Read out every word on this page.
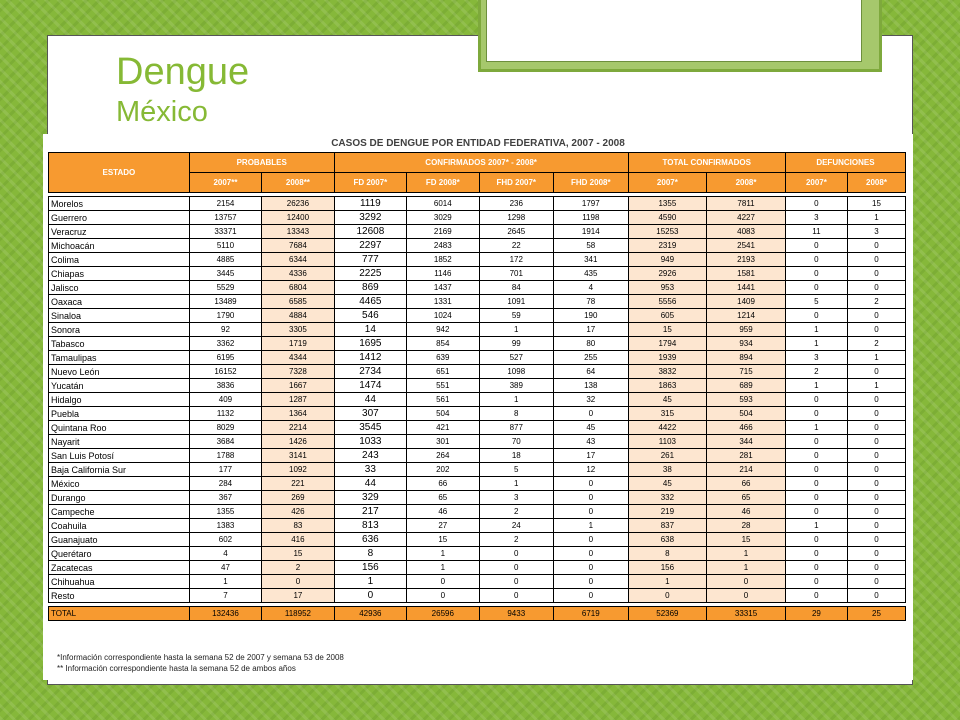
Dengue
México
CASOS DE DENGUE POR ENTIDAD FEDERATIVA, 2007 - 2008
ESTADO	PROBABLES		CONFIRMADOS 2007* - 2008*				TOTAL CONFIRMADOS		DEFUNCIONES	
	2007**	2008**	FD 2007*	FD 2008*	FHD 2007*	FHD 2008*	2007*	2008*	2007*	2008*

Morelos	2154	26236	1119	6014	236	1797	1355	7811	0	15
Guerrero	13757	12400	3292	3029	1298	1198	4590	4227	3	1
Veracruz	33371	13343	12608	2169	2645	1914	15253	4083	11	3
Michoacán	5110	7684	2297	2483	22	58	2319	2541	0	0
Colima	4885	6344	777	1852	172	341	949	2193	0	0
Chiapas	3445	4336	2225	1146	701	435	2926	1581	0	0
Jalisco	5529	6804	869	1437	84	4	953	1441	0	0
Oaxaca	13489	6585	4465	1331	1091	78	5556	1409	5	2
Sinaloa	1790	4884	546	1024	59	190	605	1214	0	0
Sonora	92	3305	14	942	1	17	15	959	1	0
Tabasco	3362	1719	1695	854	99	80	1794	934	1	2
Tamaulipas	6195	4344	1412	639	527	255	1939	894	3	1
Nuevo León	16152	7328	2734	651	1098	64	3832	715	2	0
Yucatán	3836	1667	1474	551	389	138	1863	689	1	1
Hidalgo	409	1287	44	561	1	32	45	593	0	0
Puebla	1132	1364	307	504	8	0	315	504	0	0
Quintana Roo	8029	2214	3545	421	877	45	4422	466	1	0
Nayarit	3684	1426	1033	301	70	43	1103	344	0	0
San Luis Potosí	1788	3141	243	264	18	17	261	281	0	0
Baja California Sur	177	1092	33	202	5	12	38	214	0	0
México	284	221	44	66	1	0	45	66	0	0
Durango	367	269	329	65	3	0	332	65	0	0
Campeche	1355	426	217	46	2	0	219	46	0	0
Coahuila	1383	83	813	27	24	1	837	28	1	0
Guanajuato	602	416	636	15	2	0	638	15	0	0
Querétaro	4	15	8	1	0	0	8	1	0	0
Zacatecas	47	2	156	1	0	0	156	1	0	0
Chihuahua	1	0	1	0	0	0	1	0	0	0
Resto	7	17	0	0	0	0	0	0	0	0

TOTAL	132436	118952	42936	26596	9433	6719	52369	33315	29	25
*Información correspondiente hasta la semana 52 de 2007 y semana 53 de 2008
** Información correspondiente hasta la semana 52 de ambos años
